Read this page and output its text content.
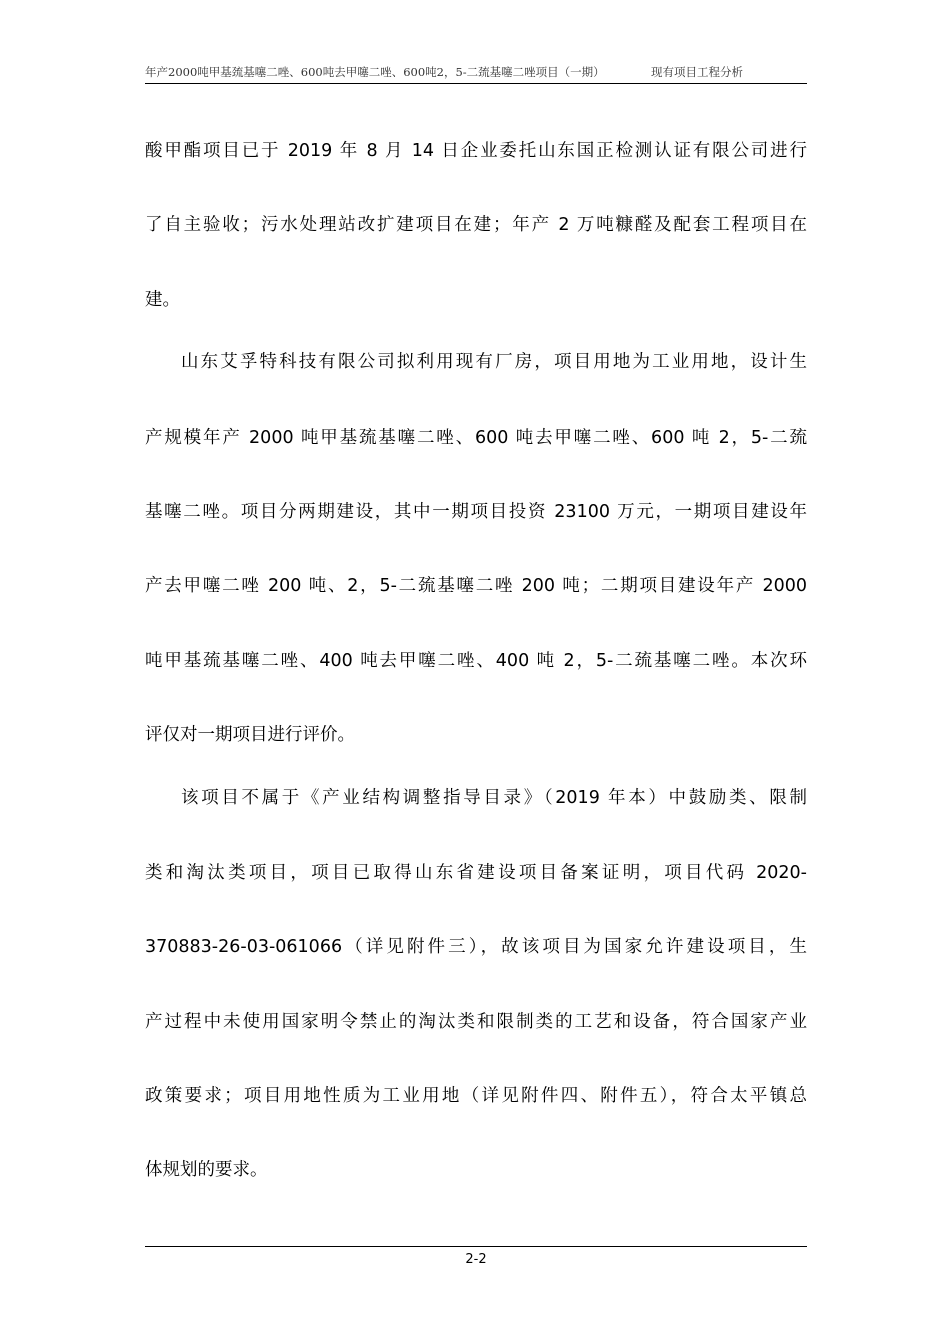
年产2000吨甲基巯基噻二唑、600吨去甲噻二唑、600吨2，5-二巯基噻二唑项目（一期）	现有项目工程分析
酸甲酯项目已于 2019 年 8 月 14 日企业委托山东国正检测认证有限公司进行
了自主验收；污水处理站改扩建项目在建；年产 2 万吨糠醛及配套工程项目在
建。
山东艾孚特科技有限公司拟利用现有厂房，项目用地为工业用地，设计生
产规模年产 2000 吨甲基巯基噻二唑、600 吨去甲噻二唑、600 吨 2，5-二巯
基噻二唑。项目分两期建设，其中一期项目投资 23100 万元，一期项目建设年
产去甲噻二唑 200 吨、2，5-二巯基噻二唑 200 吨；二期项目建设年产 2000
吨甲基巯基噻二唑、400 吨去甲噻二唑、400 吨 2，5-二巯基噻二唑。本次环
评仅对一期项目进行评价。
该项目不属于《产业结构调整指导目录》（2019 年本）中鼓励类、限制
类和淘汰类项目，项目已取得山东省建设项目备案证明，项目代码 2020-
370883-26-03-061066（详见附件三），故该项目为国家允许建设项目，生
产过程中未使用国家明令禁止的淘汰类和限制类的工艺和设备，符合国家产业
政策要求；项目用地性质为工业用地（详见附件四、附件五），符合太平镇总
体规划的要求。
2-2
